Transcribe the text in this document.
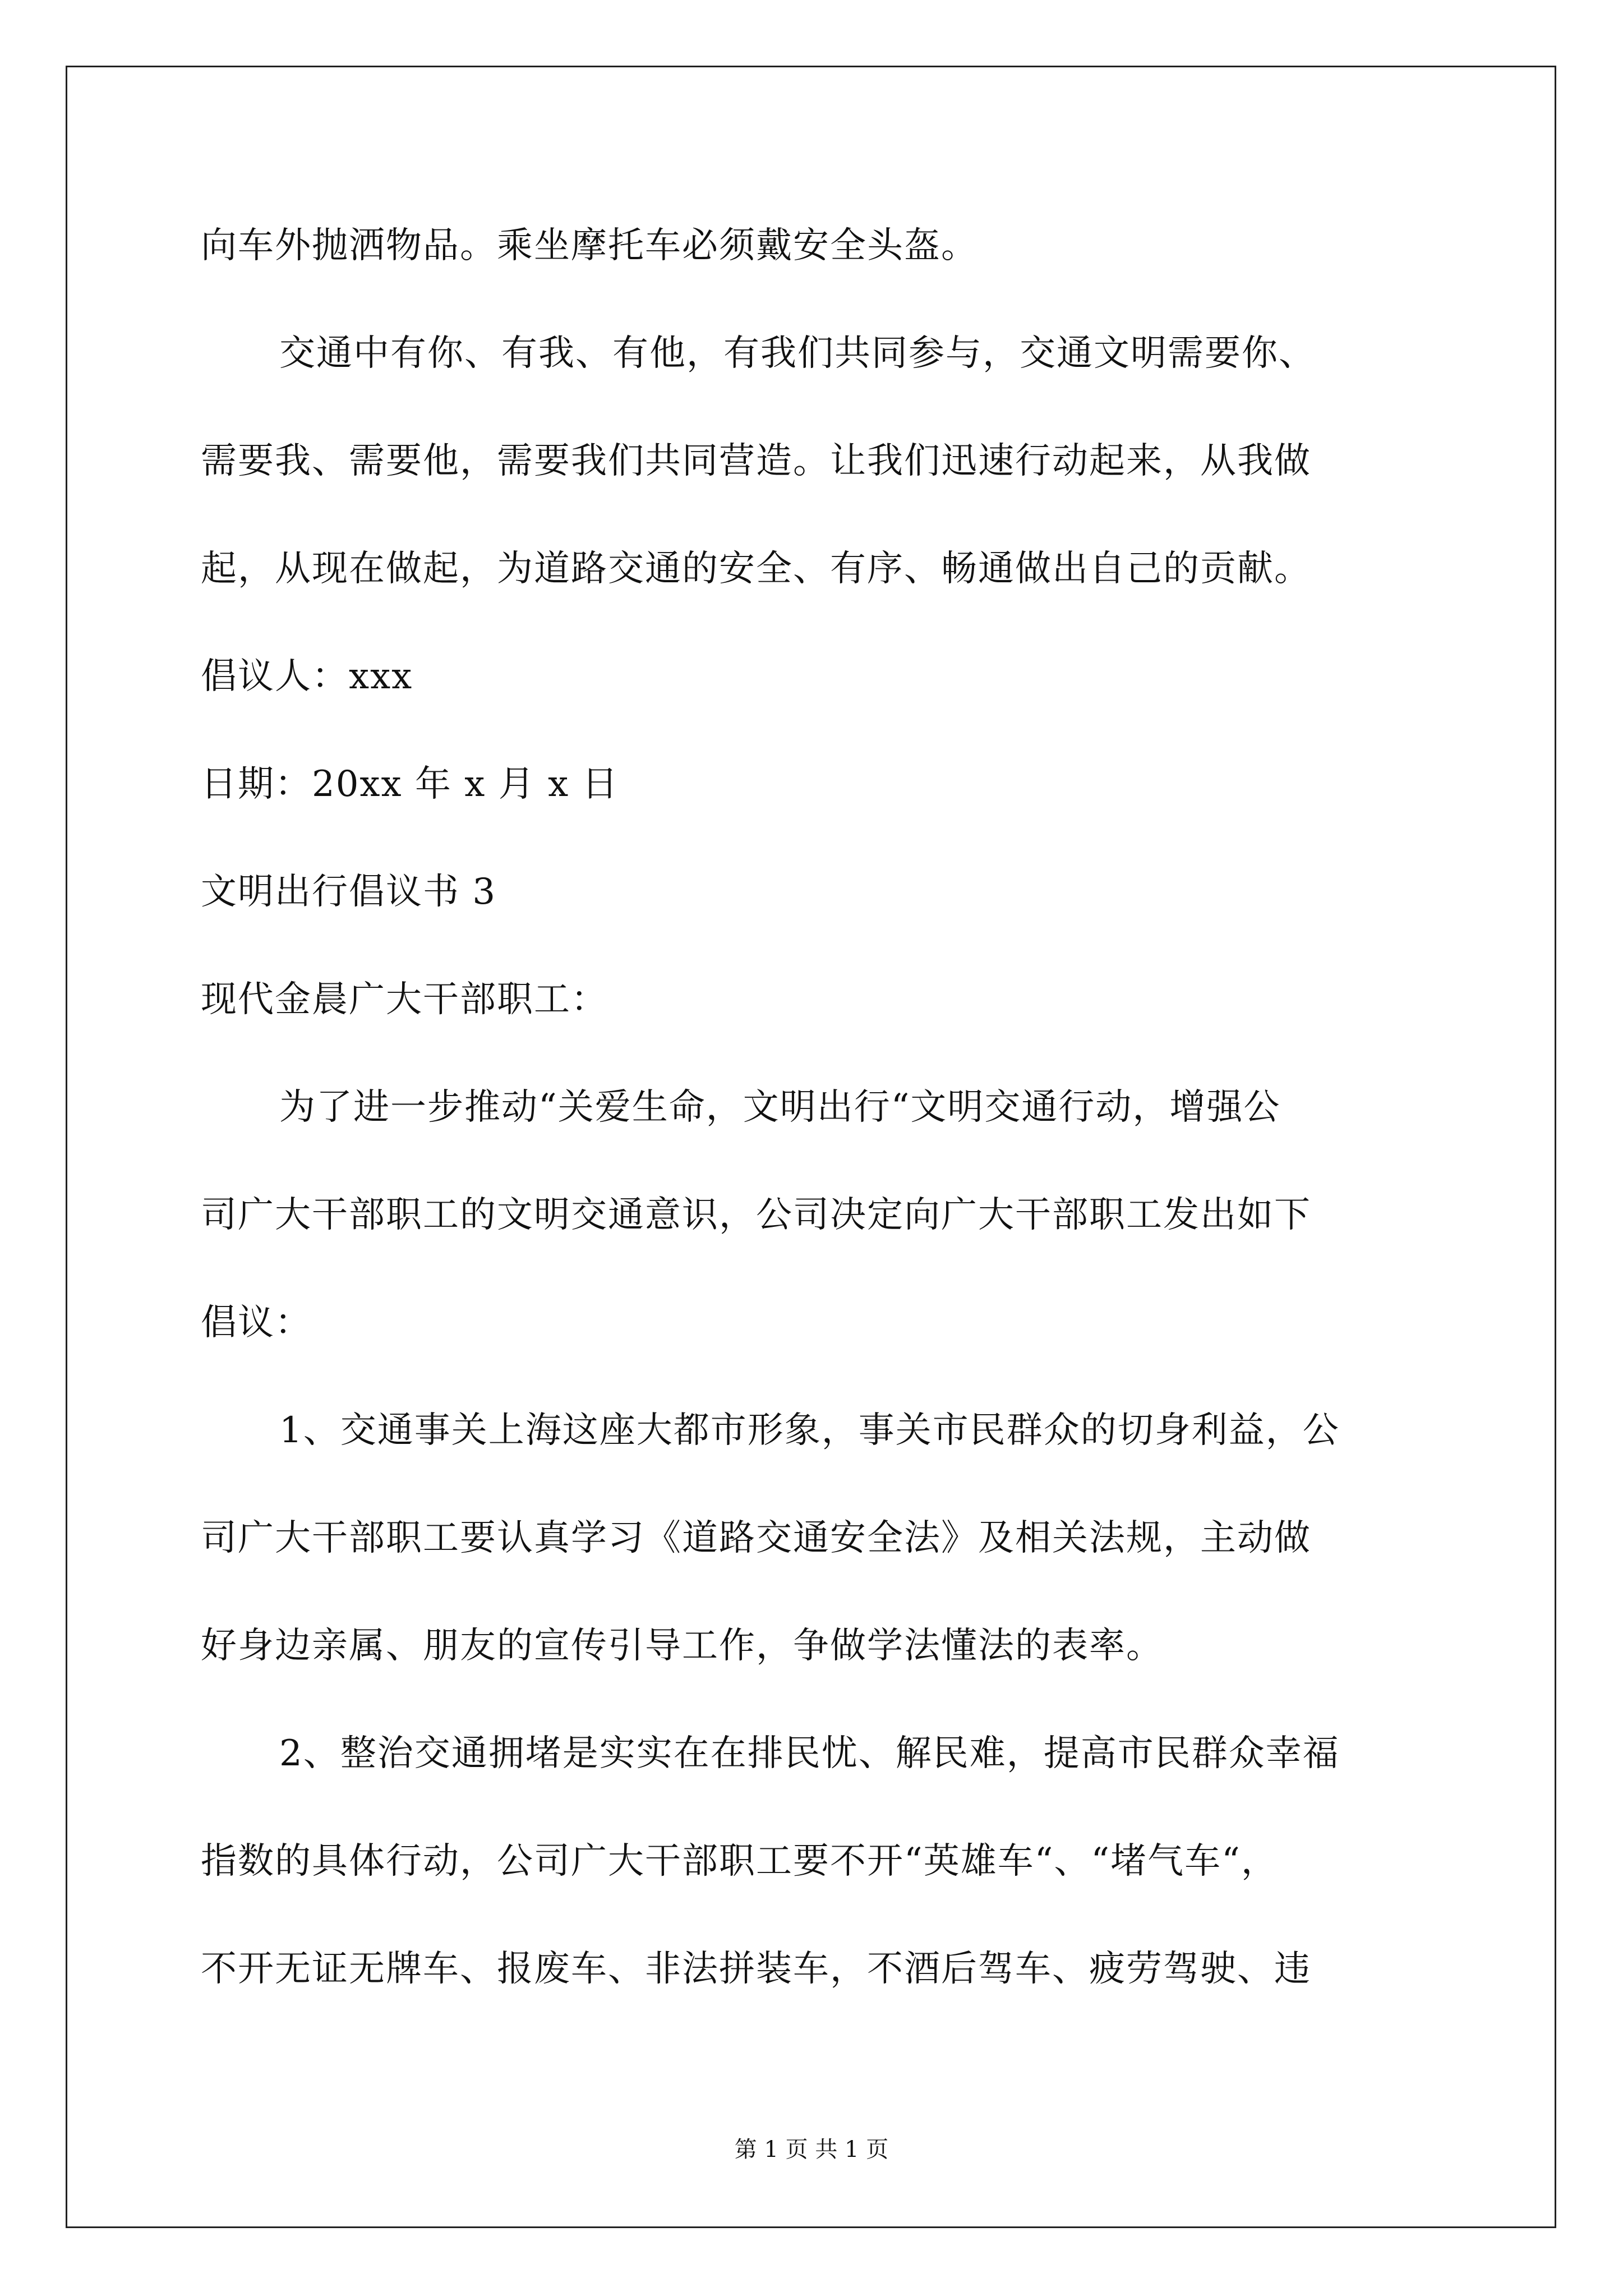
向车外抛洒物品。乘坐摩托车必须戴安全头盔。
交通中有你、有我、有他，有我们共同参与，交通文明需要你、
需要我、需要他，需要我们共同营造。让我们迅速行动起来，从我做
起，从现在做起，为道路交通的安全、有序、畅通做出自己的贡献。
倡议人：xxx
日期：20xx 年 x 月 x 日
文明出行倡议书 3
现代金晨广大干部职工：
为了进一步推动“关爱生命，文明出行“文明交通行动，增强公
司广大干部职工的文明交通意识，公司决定向广大干部职工发出如下
倡议：
1、交通事关上海这座大都市形象，事关市民群众的切身利益，公
司广大干部职工要认真学习《道路交通安全法》及相关法规，主动做
好身边亲属、朋友的宣传引导工作，争做学法懂法的表率。
2、整治交通拥堵是实实在在排民忧、解民难，提高市民群众幸福
指数的具体行动，公司广大干部职工要不开“英雄车“、“堵气车“，
不开无证无牌车、报废车、非法拼装车，不酒后驾车、疲劳驾驶、违
第 1 页 共 1 页
